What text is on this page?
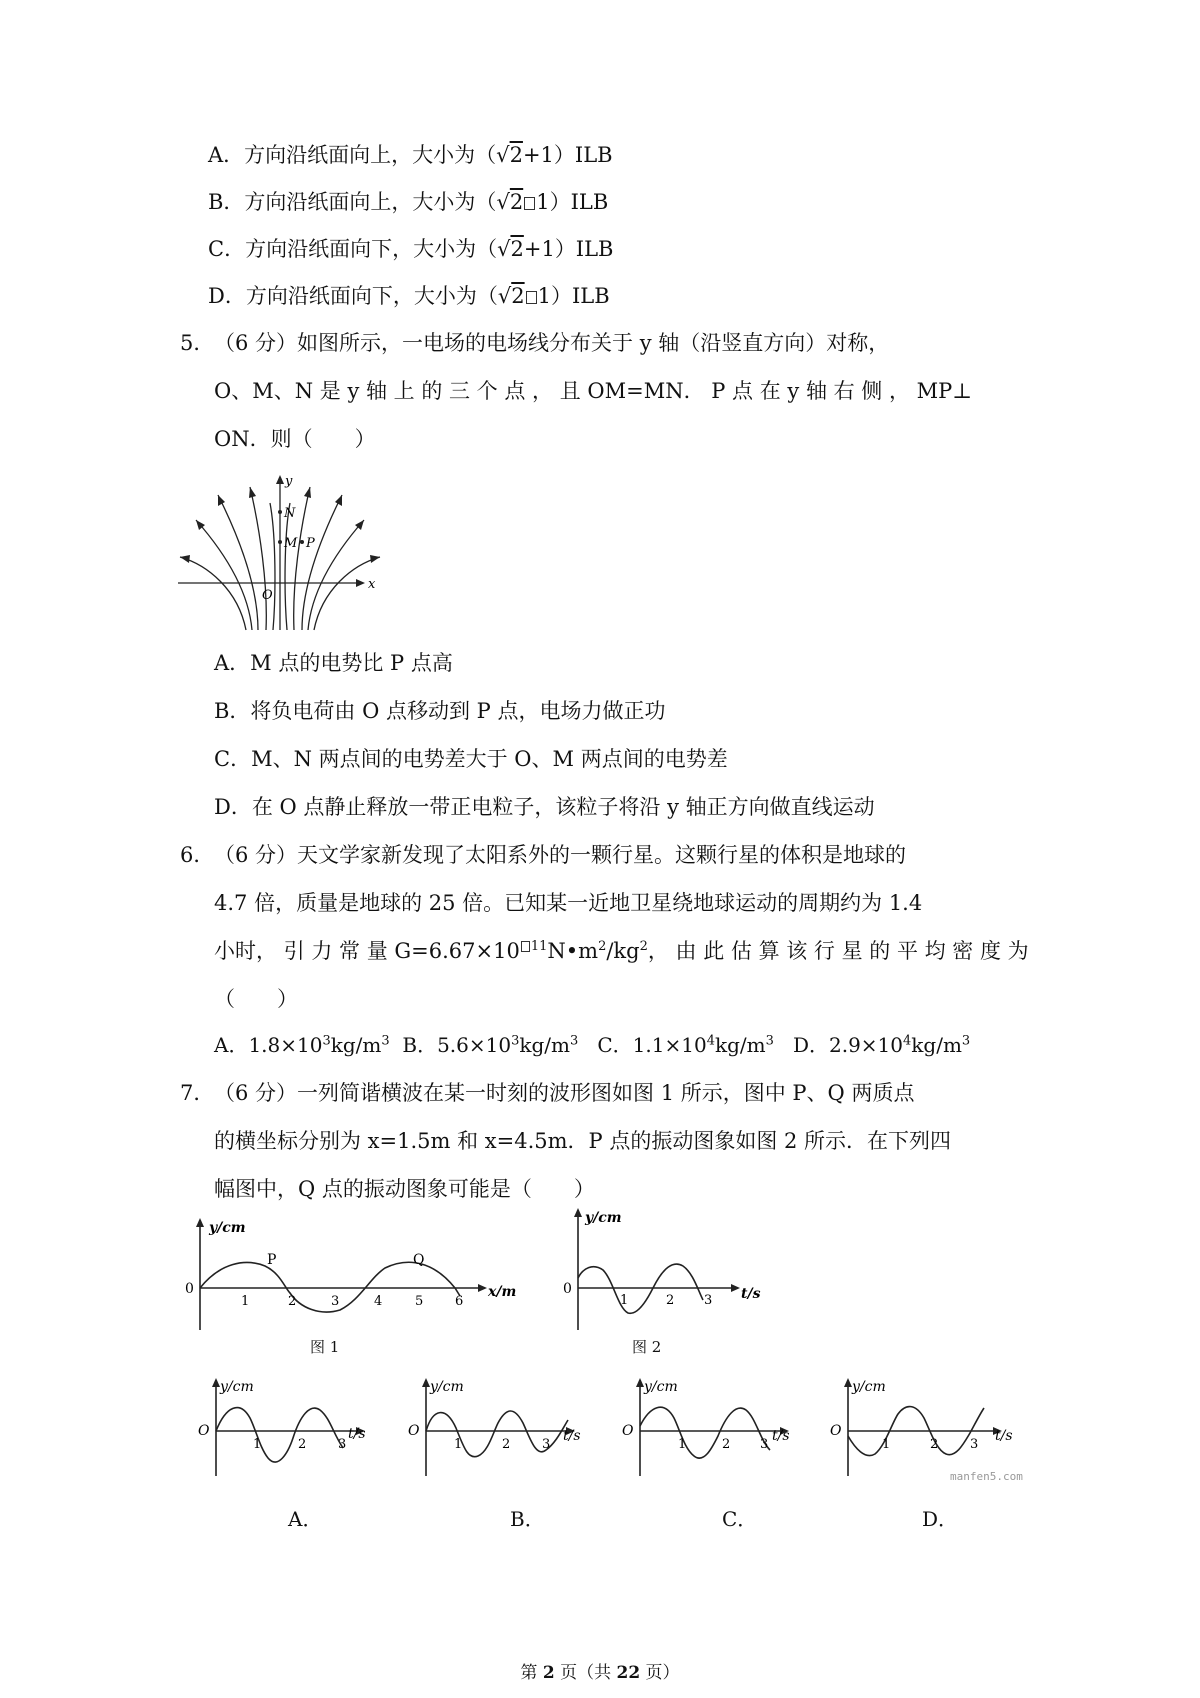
A．方向沿纸面向上，大小为（√2+1）ILB
B．方向沿纸面向上，大小为（√2 1）ILB
C．方向沿纸面向下，大小为（√2+1）ILB
D．方向沿纸面向下，大小为（√2 1）ILB
5． （6 分）如图所示，一电场的电场线分布关于 y 轴（沿竖直方向）对称，
O、M、N 是 y 轴 上 的 三 个 点 ， 且 OM=MN． P 点 在 y 轴 右 侧 ， MP⊥
ON．则（　　）
y
x
N
M P
O
A．M 点的电势比 P 点高
B．将负电荷由 O 点移动到 P 点，电场力做正功
C．M、N 两点间的电势差大于 O、M 两点间的电势差
D．在 O 点静止释放一带正电粒子，该粒子将沿 y 轴正方向做直线运动
6． （6 分）天文学家新发现了太阳系外的一颗行星。这颗行星的体积是地球的
4.7 倍，质量是地球的 25 倍。已知某一近地卫星绕地球运动的周期约为 1.4
小时， 引 力 常 量 G=6.67×10 $^{11}N•m^2/kg^2$， 由 此 估 算 该 行 星 的 平 均 密 度 为
（　　）
A．$1.8\times 10^3kg/m^3$ B．$5.6\times 10^3kg/m^3$ C．$1.1\times 10^4kg/m^3$ D．$2.9\times 10^4kg/m^3$
7． （6 分）一列简谐横波在某一时刻的波形图如图 1 所示，图中 P、Q 两质点
的横坐标分别为 x=1.5m 和 x=4.5m．P 点的振动图象如图 2 所示．在下列四
幅图中，Q 点的振动图象可能是（　　）
y/cm
x/m
0
P	Q
1	2	3	4	5 6
图 1
y/cm
t/s
0
1	2 3
图 2
y/cm
t/s
O
1	2 3
y/cm
t/s
O
1	2 3
y/cm
t/s
O
1	2 3
y/cm
t/s
O
1	2 3
manfen5.com
A．	B．	C．	D．
第 2 页（共 22 页）
